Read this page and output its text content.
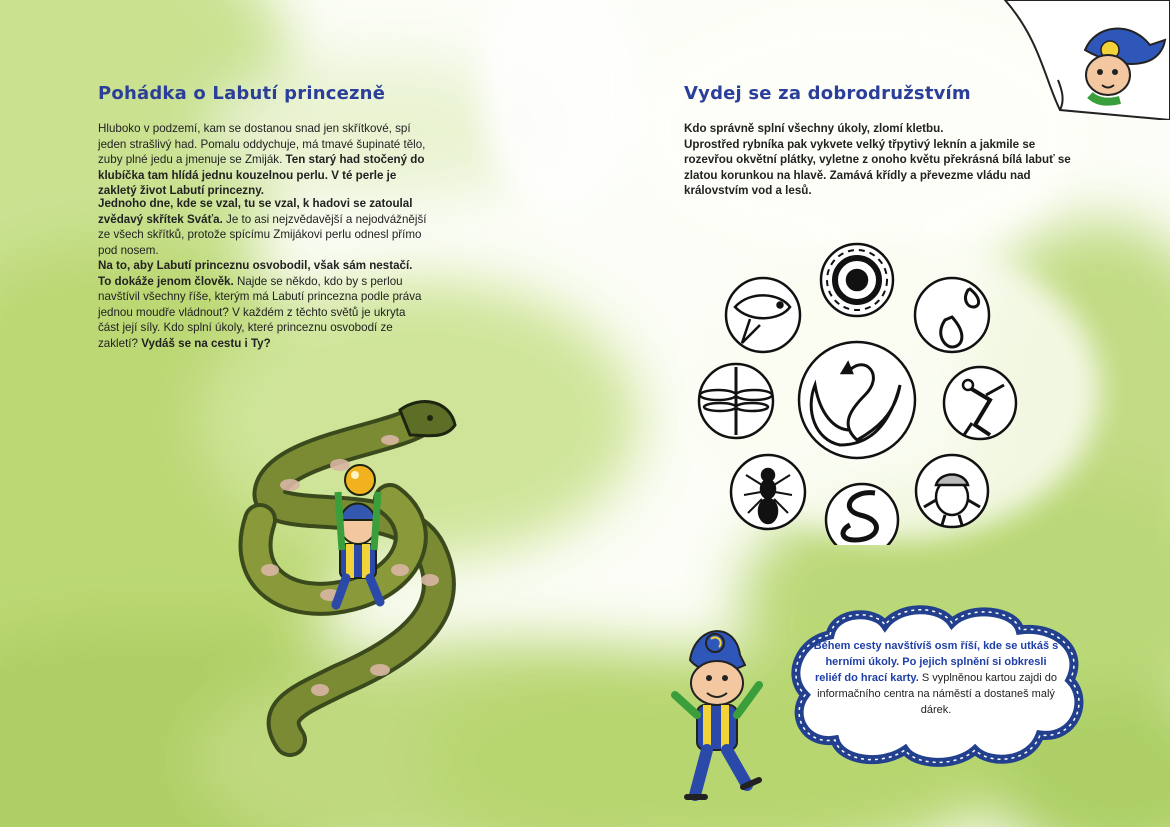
Pohádka o Labutí princezně

Hluboko v podzemí, kam se dostanou snad jen skřítkové, spí jeden strašlivý had. Pomalu oddychuje, má tmavé šupinaté tělo, zuby plné jedu a jmenuje se Zmiják. Ten starý had stočený do klubíčka tam hlídá jednu kouzelnou perlu. V té perle je zakletý život Labutí princezny.

Jednoho dne, kde se vzal, tu se vzal, k hadovi se zatoulal zvědavý skřítek Sváťa. Je to asi nejzvědavější a nejodvážnější ze všech skřítků, protože spícímu Zmijákovi perlu odnesl přímo pod nosem.

Na to, aby Labutí princeznu osvobodil, však sám nestačí. To dokáže jenom člověk. Najde se někdo, kdo by s perlou navštívil všechny říše, kterým má Labutí princezna podle práva jednou moudře vládnout? V každém z těchto světů je ukryta část její síly. Kdo splní úkoly, které princeznu osvobodí ze zakletí? Vydáš se na cestu i Ty?

Vydej se za dobrodružstvím

Kdo správně splní všechny úkoly, zlomí kletbu.
Uprostřed rybníka pak vykvete velký třpytivý leknín a jakmile se rozevřou okvětní plátky, vyletne z onoho květu překrásná bílá labuť se zlatou korunkou na hlavě. Zamává křídly a převezme vládu nad královstvím vod a lesů.

Během cesty navštívíš osm říší, kde se utkáš s herními úkoly. Po jejich splnění si obkresli reliéf do hrací karty. S vyplněnou kartou zajdi do informačního centra na náměstí a dostaneš malý dárek.
